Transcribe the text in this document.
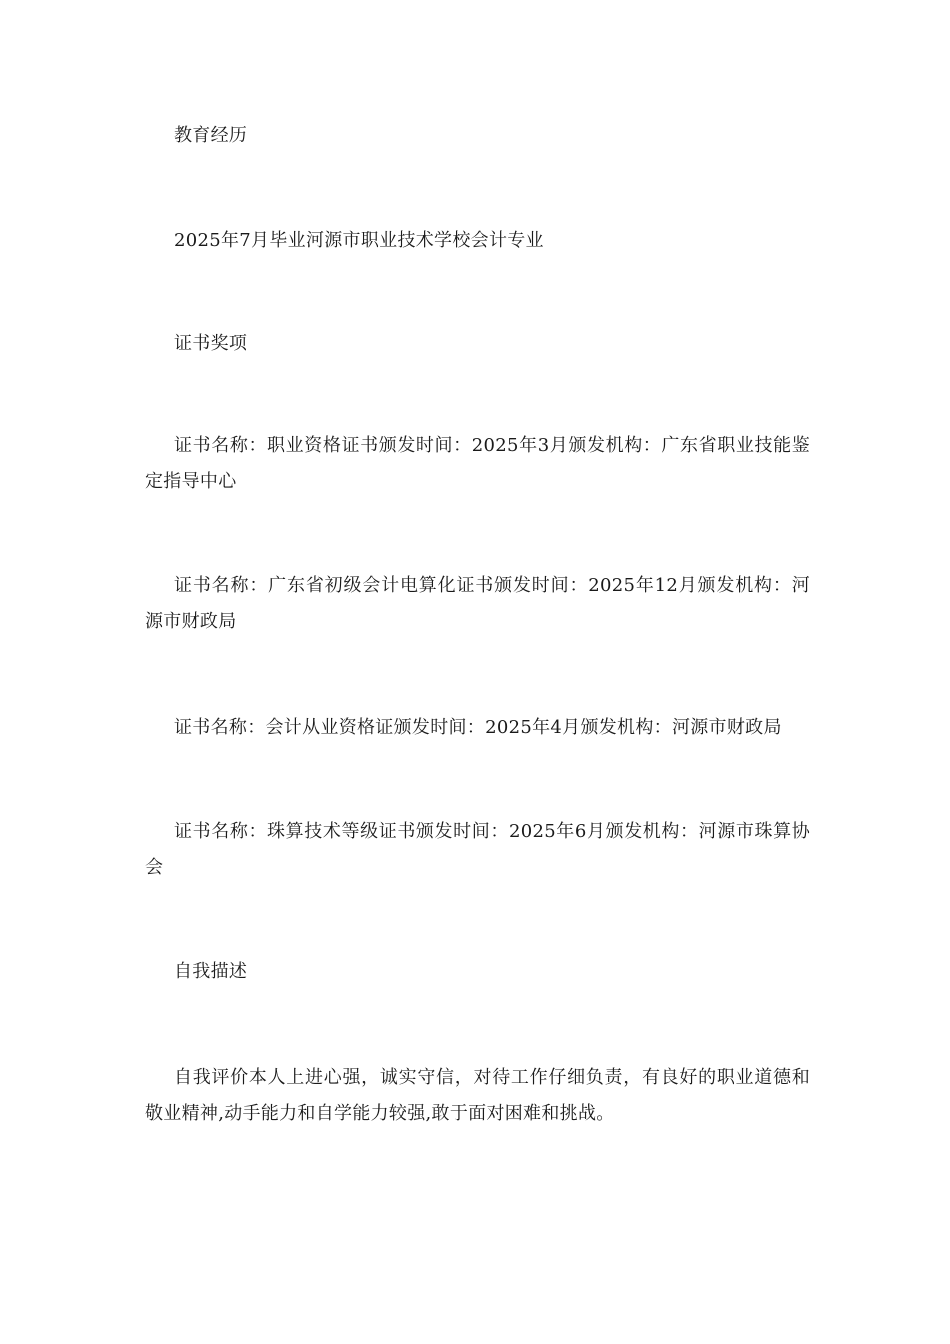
教育经历
2025年7月毕业河源市职业技术学校会计专业
证书奖项
证书名称：职业资格证书颁发时间：2025年3月颁发机构：广东省职业技能鉴定指导中心
证书名称：广东省初级会计电算化证书颁发时间：2025年12月颁发机构：河源市财政局
证书名称：会计从业资格证颁发时间：2025年4月颁发机构：河源市财政局
证书名称：珠算技术等级证书颁发时间：2025年6月颁发机构：河源市珠算协会
自我描述
自我评价本人上进心强，诚实守信，对待工作仔细负责，有良好的职业道德和敬业精神,动手能力和自学能力较强,敢于面对困难和挑战。
